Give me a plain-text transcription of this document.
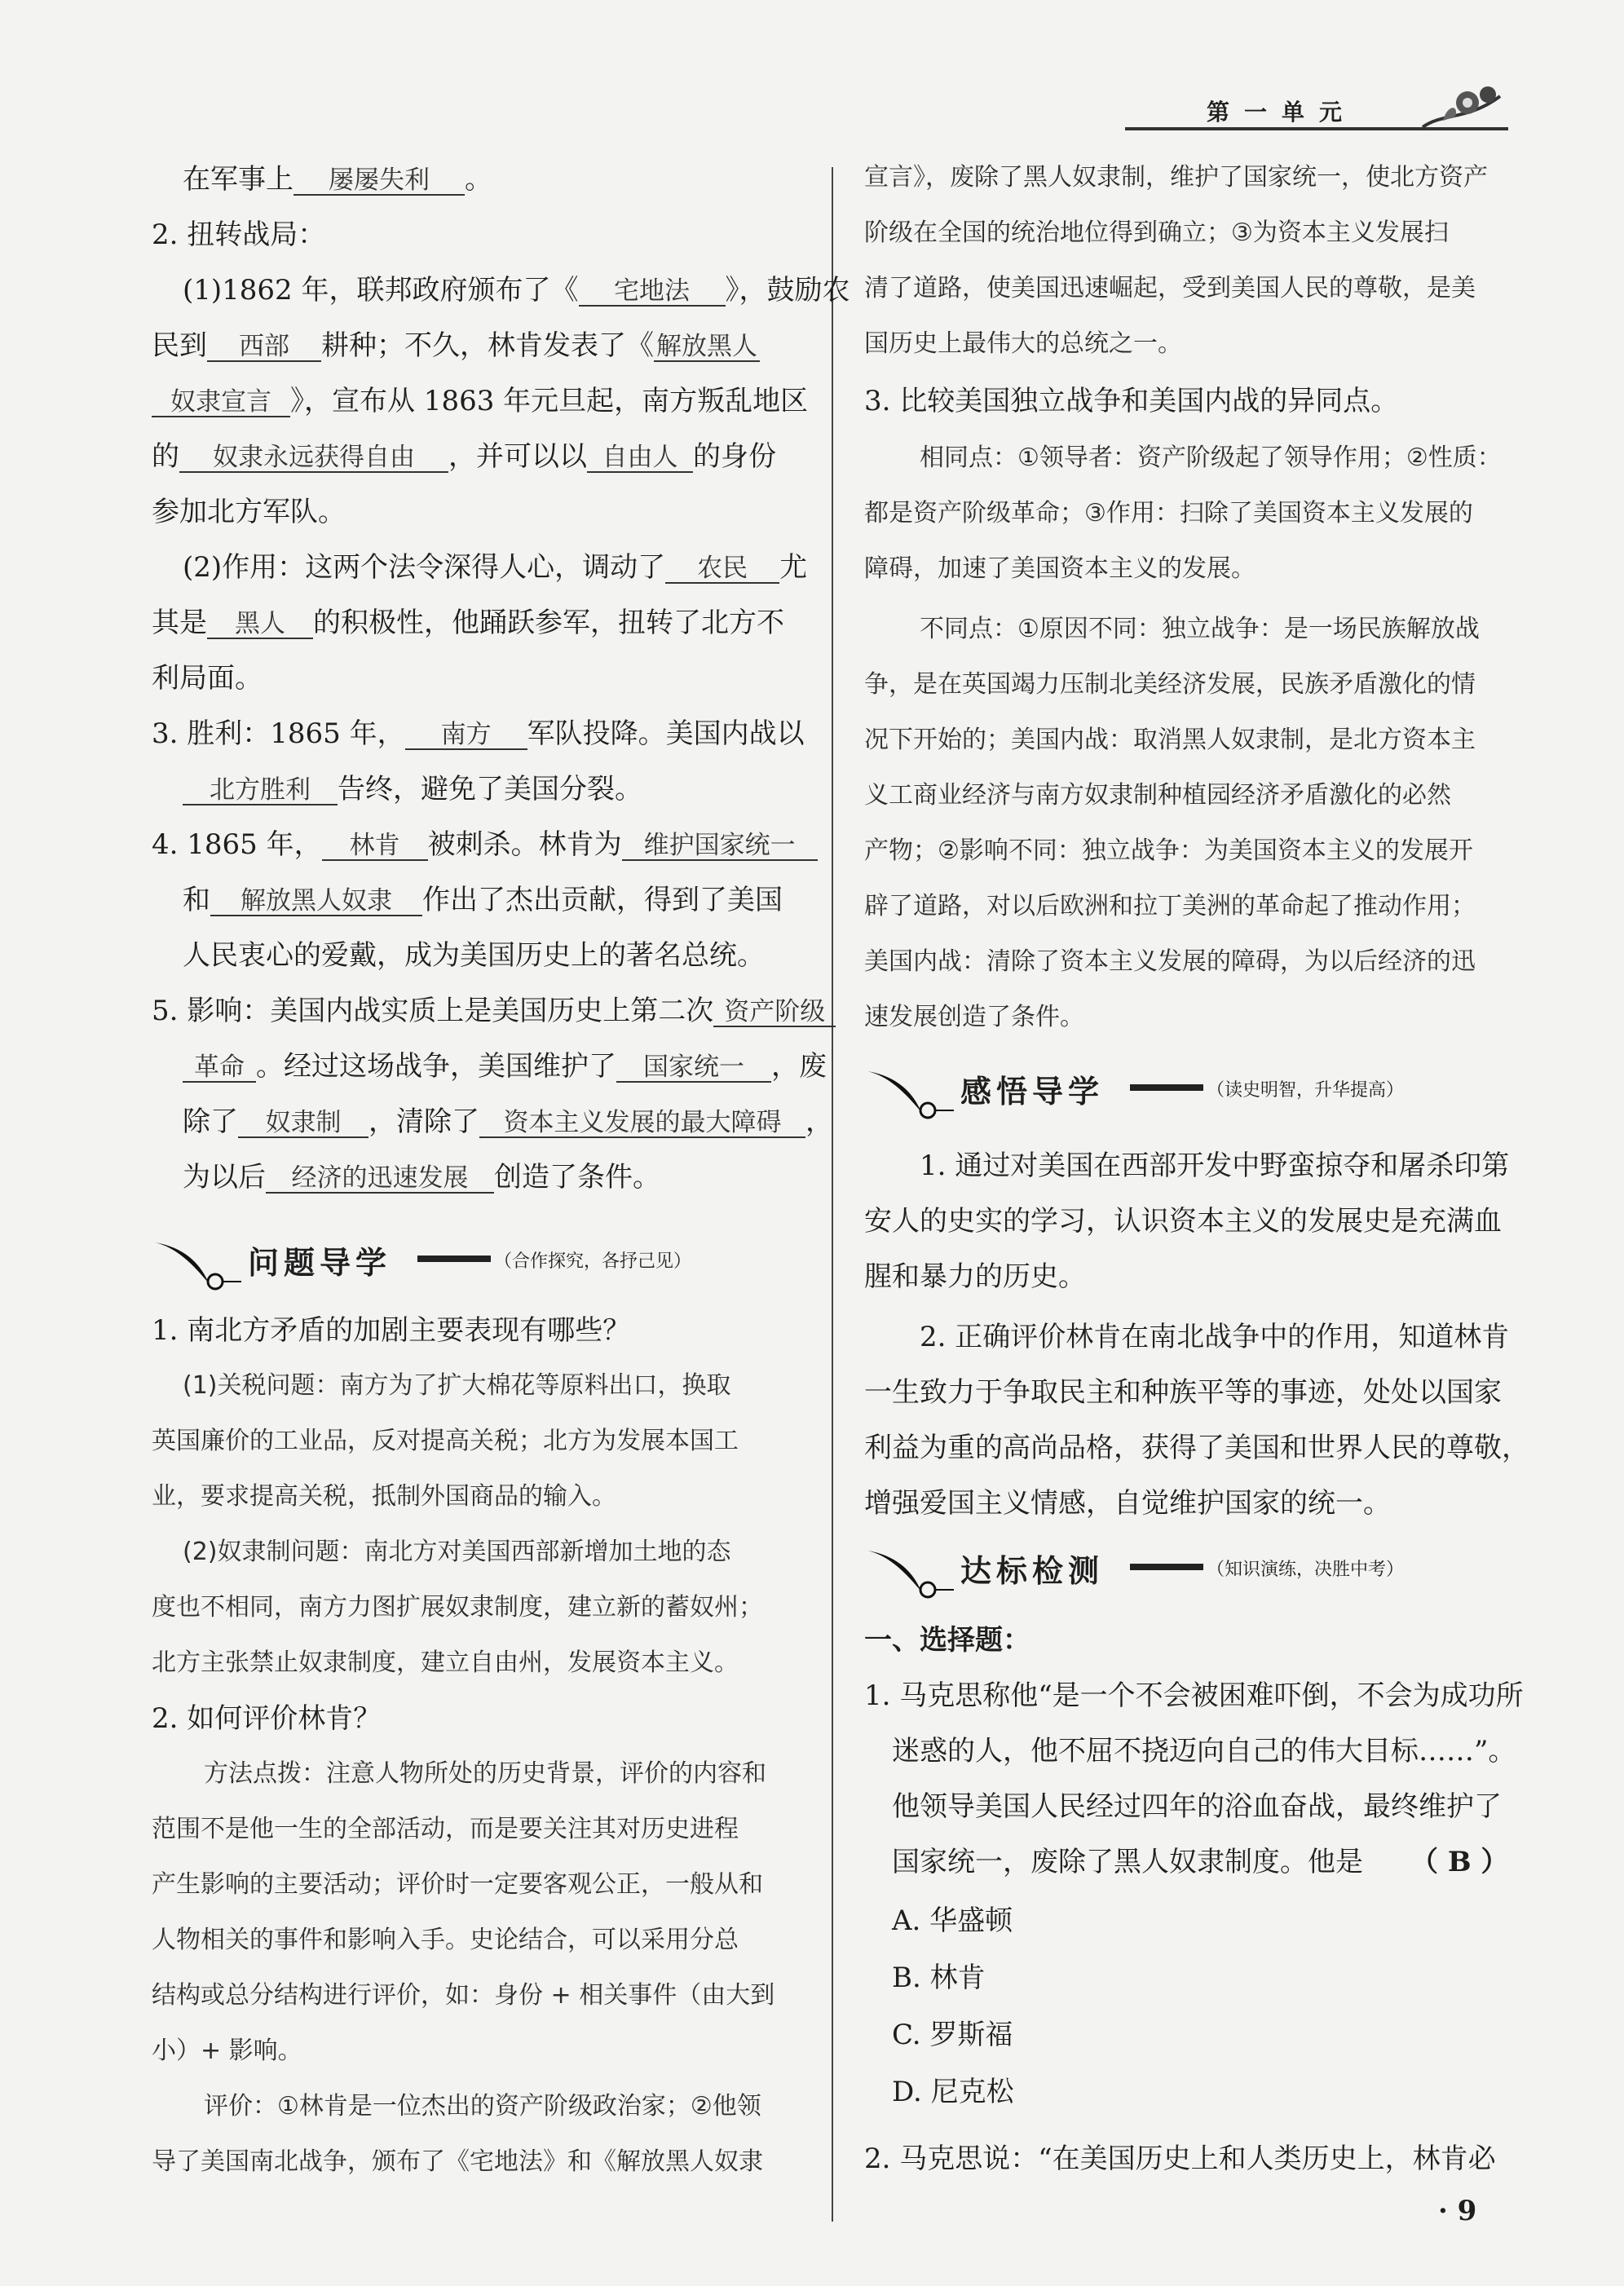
第一单元
在军事上 屡屡失利 。
2. 扭转战局：
(1)1862 年，联邦政府颁布了《 宅地法 》，鼓励农
民到 西部 耕种；不久，林肯发表了《解放黑人
奴隶宣言 》，宣布从 1863 年元旦起，南方叛乱地区
的 奴隶永远获得自由 ，并可以以 自由人 的身份
参加北方军队。
(2)作用：这两个法令深得人心，调动了 农民 尤
其是 黑人 的积极性，他踊跃参军，扭转了北方不
利局面。
3. 胜利：1865 年， 南方 军队投降。美国内战以
北方胜利 告终，避免了美国分裂。
4. 1865 年， 林肯 被刺杀。林肯为 维护国家统一
和 解放黑人奴隶 作出了杰出贡献，得到了美国
人民衷心的爱戴，成为美国历史上的著名总统。
5. 影响：美国内战实质上是美国历史上第二次 资产阶级
革命 。经过这场战争，美国维护了 国家统一 ，废
除了 奴隶制 ，清除了 资本主义发展的最大障碍 ，
为以后 经济的迅速发展 创造了条件。
问题导学	（合作探究，各抒己见）
1. 南北方矛盾的加剧主要表现有哪些？
(1)关税问题：南方为了扩大棉花等原料出口，换取
英国廉价的工业品，反对提高关税；北方为发展本国工
业，要求提高关税，抵制外国商品的输入。
(2)奴隶制问题：南北方对美国西部新增加土地的态
度也不相同，南方力图扩展奴隶制度，建立新的蓄奴州；
北方主张禁止奴隶制度，建立自由州，发展资本主义。
2. 如何评价林肯？
方法点拨：注意人物所处的历史背景，评价的内容和
范围不是他一生的全部活动，而是要关注其对历史进程
产生影响的主要活动；评价时一定要客观公正，一般从和
人物相关的事件和影响入手。史论结合，可以采用分总
结构或总分结构进行评价，如：身份 + 相关事件（由大到
小）+ 影响。
评价：①林肯是一位杰出的资产阶级政治家；②他领
导了美国南北战争，颁布了《宅地法》和《解放黑人奴隶
宣言》，废除了黑人奴隶制，维护了国家统一，使北方资产
阶级在全国的统治地位得到确立；③为资本主义发展扫
清了道路，使美国迅速崛起，受到美国人民的尊敬，是美
国历史上最伟大的总统之一。
3. 比较美国独立战争和美国内战的异同点。
相同点：①领导者：资产阶级起了领导作用；②性质：
都是资产阶级革命；③作用：扫除了美国资本主义发展的
障碍，加速了美国资本主义的发展。
不同点：①原因不同：独立战争：是一场民族解放战
争，是在英国竭力压制北美经济发展，民族矛盾激化的情
况下开始的；美国内战：取消黑人奴隶制，是北方资本主
义工商业经济与南方奴隶制种植园经济矛盾激化的必然
产物；②影响不同：独立战争：为美国资本主义的发展开
辟了道路，对以后欧洲和拉丁美洲的革命起了推动作用；
美国内战：清除了资本主义发展的障碍，为以后经济的迅
速发展创造了条件。
感悟导学	（读史明智，升华提高）
1. 通过对美国在西部开发中野蛮掠夺和屠杀印第
安人的史实的学习，认识资本主义的发展史是充满血
腥和暴力的历史。
2. 正确评价林肯在南北战争中的作用，知道林肯
一生致力于争取民主和种族平等的事迹，处处以国家
利益为重的高尚品格，获得了美国和世界人民的尊敬，
增强爱国主义情感，自觉维护国家的统一。
达标检测	（知识演练，决胜中考）
一、选择题：
1. 马克思称他“是一个不会被困难吓倒，不会为成功所
迷惑的人，他不屈不挠迈向自己的伟大目标……”。
他领导美国人民经过四年的浴血奋战，最终维护了
国家统一，废除了黑人奴隶制度。他是 （ B ）
A. 华盛顿
B. 林肯
C. 罗斯福
D. 尼克松
2. 马克思说：“在美国历史上和人类历史上，林肯必
· 9
